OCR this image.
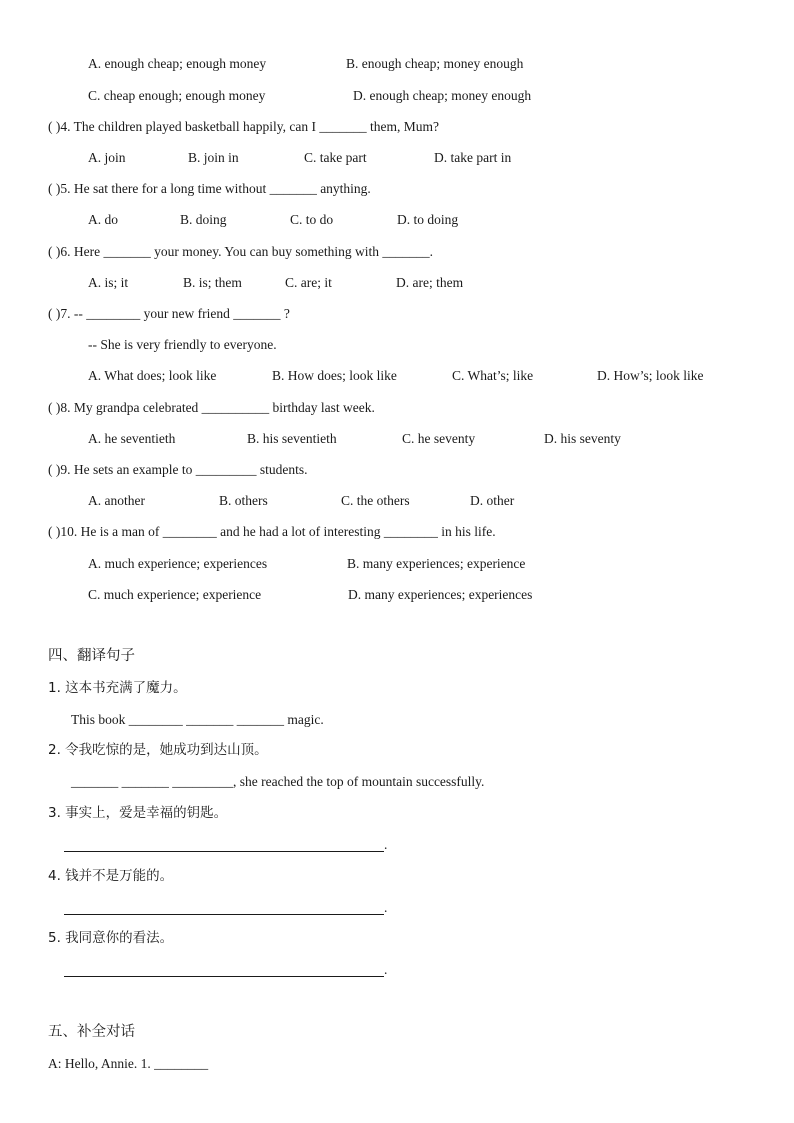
A. enough cheap; enough money	B. enough cheap; money enough
C. cheap enough; enough money	D. enough cheap; money enough
( )4. The children played basketball happily, can I _______ them, Mum?
A. join	B. join in	C. take part	D. take part in
( )5. He sat there for a long time without _______ anything.
A. do	B. doing	C. to do	D. to doing
( )6. Here _______ your money. You can buy something with _______.
A. is; it	B. is; them	C. are; it	D. are; them
( )7. -- ________ your new friend _______ ?
-- She is very friendly to everyone.
A. What does; look like	B. How does; look like	C. What’s; like	D. How’s; look like
( )8. My grandpa celebrated __________ birthday last week.
A. he seventieth	B. his seventieth	C. he seventy	D. his seventy
( )9. He sets an example to _________ students.
A. another	B. others	C. the others	D. other
( )10. He is a man of ________ and he had a lot of interesting ________ in his life.
A. much experience; experiences	B. many experiences; experience
C. much experience; experience	D. many experiences; experiences
四、翻译句子
1. 这本书充满了魔力。
This book ________ _______ _______ magic.
2. 令我吃惊的是，她成功到达山顶。
_______ _______ _________, she reached the top of mountain successfully.
3. 事实上，爱是幸福的钥匙。
.
4. 钱并不是万能的。
.
5. 我同意你的看法。
.
五、补全对话
A: Hello, Annie. 1. ________
